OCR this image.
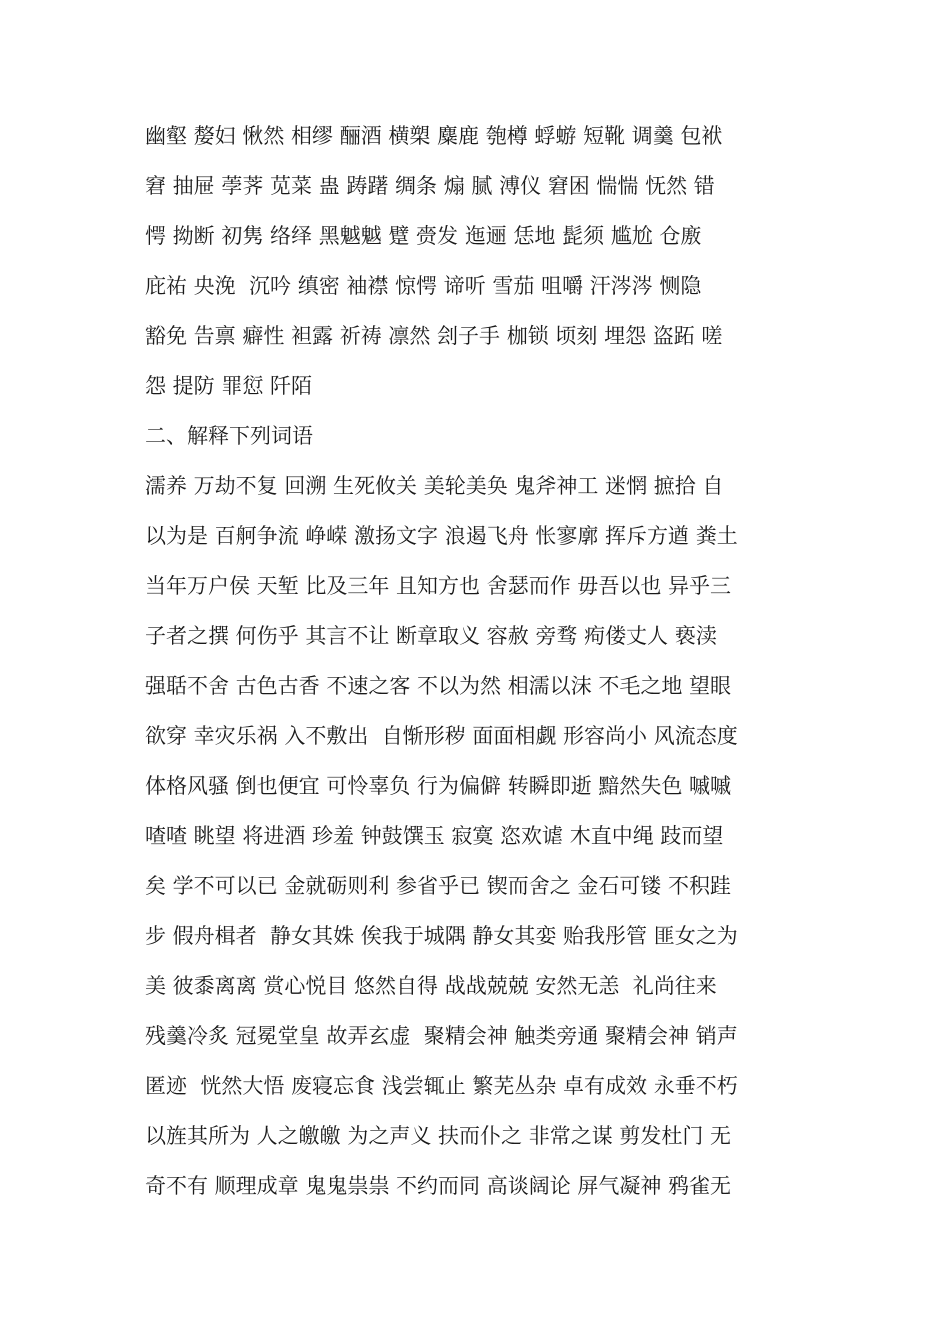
幽壑 嫠妇 愀然 相缪 酾酒 横槊 麋鹿 匏樽 蜉蝣 短靴 调羹 包袱
窘 抽屉 荸荠 苋菜 蛊 踌躇 绸条 煽 腻 溥仪 窘困 惴惴 怃然 错
愕 拗断 初隽 络绎 黑魆魆 躄 赍发 迤逦 恁地 髭须 尴尬 仓廒
庇祐 央浼  沉吟 缜密 袖襟 惊愕 谛听 雪茄 咀嚼 汗涔涔 恻隐
豁免 告禀 癖性 袒露 祈祷 凛然 刽子手 枷锁 顷刻 埋怨 盗跖 嗟
怨 提防 罪愆 阡陌
二、解释下列词语
濡养 万劫不复 回溯 生死攸关 美轮美奂 鬼斧神工 迷惘 摭拾 自
以为是 百舸争流 峥嵘 激扬文字 浪遏飞舟 怅寥廓 挥斥方遒 粪土
当年万户侯 天堑 比及三年 且知方也 舍瑟而作 毋吾以也 异乎三
子者之撰 何伤乎 其言不让 断章取义 容赦 旁骛 痀偻丈人 亵渎
强聒不舍 古色古香 不速之客 不以为然 相濡以沫 不毛之地 望眼
欲穿 幸灾乐祸 入不敷出  自惭形秽 面面相觑 形容尚小 风流态度
体格风骚 倒也便宜 可怜辜负 行为偏僻 转瞬即逝 黯然失色 嘁嘁
喳喳 眺望 将进酒 珍羞 钟鼓馔玉 寂寞 恣欢谑 木直中绳 跂而望
矣 学不可以已 金就砺则利 参省乎已 锲而舍之 金石可镂 不积跬
步 假舟楫者  静女其姝 俟我于城隅 静女其娈 贻我彤管 匪女之为
美 彼黍离离 赏心悦目 悠然自得 战战兢兢 安然无恙  礼尚往来
残羹冷炙 冠冕堂皇 故弄玄虚  聚精会神 触类旁通 聚精会神 销声
匿迹  恍然大悟 废寝忘食 浅尝辄止 繁芜丛杂 卓有成效 永垂不朽
以旌其所为 人之皦皦 为之声义 扶而仆之 非常之谋 剪发杜门 无
奇不有 顺理成章 鬼鬼祟祟 不约而同 高谈阔论 屏气凝神 鸦雀无
